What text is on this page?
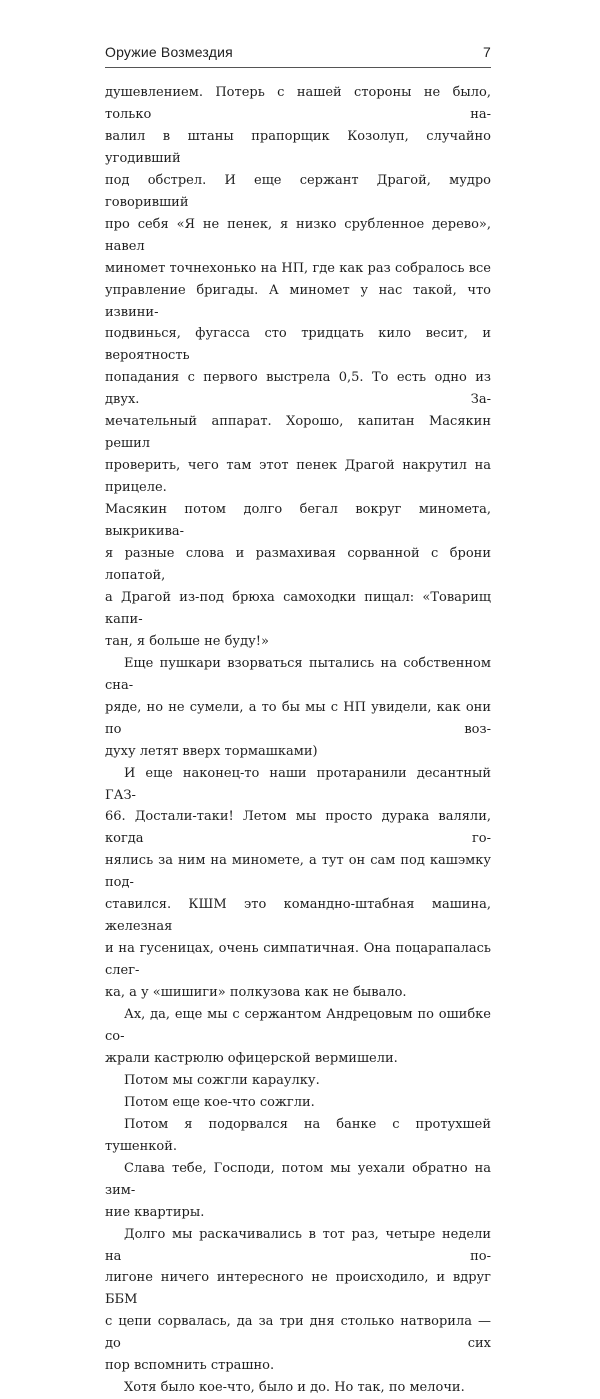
Оружие Возмездия	7
душевлением. Потерь с нашей стороны не было, только на-
валил в штаны прапорщик Козолуп, случайно угодивший
под обстрел. И еще сержант Драгой, мудро говоривший
про себя «Я не пенек, я низко срубленное дерево», навел
миномет точнехонько на НП, где как раз собралось все
управление бригады. А миномет у нас такой, что извини-
подвинься, фугасса сто тридцать кило весит, и вероятность
попадания с первого выстрела 0,5. То есть одно из двух. За-
мечательный аппарат. Хорошо, капитан Масякин решил
проверить, чего там этот пенек Драгой накрутил на прицеле.
Масякин потом долго бегал вокруг миномета, выкрикива-
я разные слова и размахивая сорванной с брони лопатой,
а Драгой из-под брюха самоходки пищал: «Товарищ капи-
тан, я больше не буду!»
Еще пушкари взорваться пытались на собственном сна-
ряде, но не сумели, а то бы мы с НП увидели, как они по воз-
духу летят вверх тормашками)
И еще наконец-то наши протаранили десантный ГАЗ-
66. Достали-таки! Летом мы просто дурака валяли, когда го-
нялись за ним на миномете, а тут он сам под кашэмку под-
ставился. КШМ это командно-штабная машина, железная
и на гусеницах, очень симпатичная. Она поцарапалась слег-
ка, а у «шишиги» полкузова как не бывало.
Ах, да, еще мы с сержантом Андрецовым по ошибке со-
жрали кастрюлю офицерской вермишели.
Потом мы сожгли караулку.
Потом еще кое-что сожгли.
Потом я подорвался на банке с протухшей тушенкой.
Слава тебе, Господи, потом мы уехали обратно на зим-
ние квартиры.
Долго мы раскачивались в тот раз, четыре недели на по-
лигоне ничего интересного не происходило, и вдруг ББМ
с цепи сорвалась, да за три дня столько натворила — до сих
пор вспомнить страшно.
Хотя было кое-что, было и до. Но так, по мелочи.
